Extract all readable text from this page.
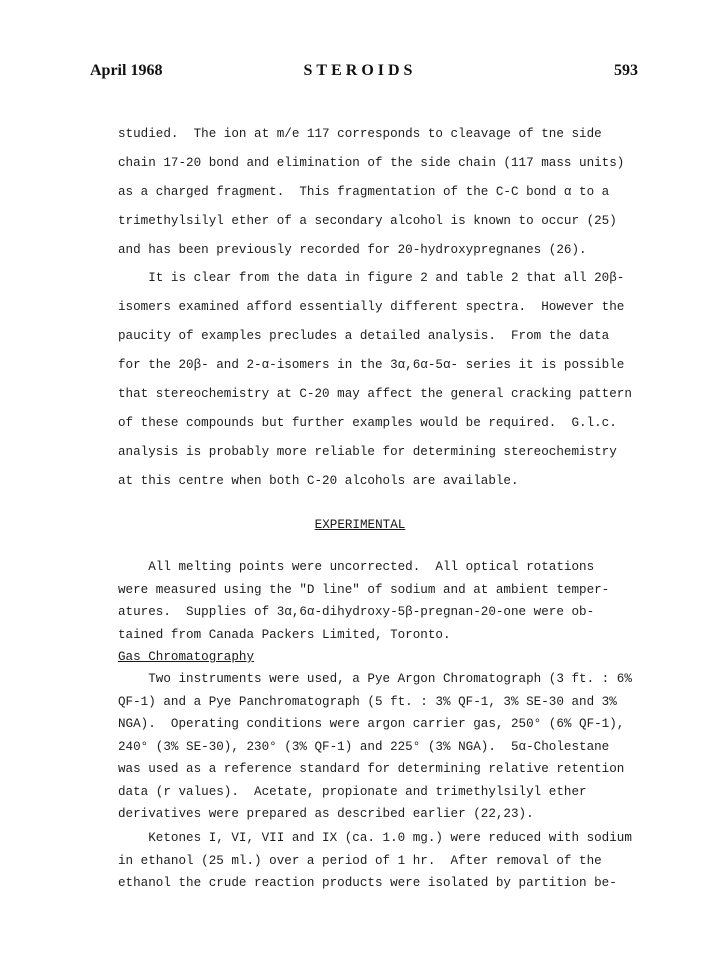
April 1968	STEROIDS	593
studied.  The ion at m/e 117 corresponds to cleavage of tne side
chain 17-20 bond and elimination of the side chain (117 mass units)
as a charged fragment.  This fragmentation of the C-C bond α to a
trimethylsilyl ether of a secondary alcohol is known to occur (25)
and has been previously recorded for 20-hydroxypregnanes (26).
It is clear from the data in figure 2 and table 2 that all 20β-
isomers examined afford essentially different spectra.  However the
paucity of examples precludes a detailed analysis.  From the data
for the 20β- and 2-α-isomers in the 3α,6α-5α- series it is possible
that stereochemistry at C-20 may affect the general cracking pattern
of these compounds but further examples would be required.  G.l.c.
analysis is probably more reliable for determining stereochemistry
at this centre when both C-20 alcohols are available.
EXPERIMENTAL
All melting points were uncorrected.  All optical rotations
were measured using the "D line" of sodium and at ambient temper-
atures.  Supplies of 3α,6α-dihydroxy-5β-pregnan-20-one were ob-
tained from Canada Packers Limited, Toronto.
Gas Chromatography
Two instruments were used, a Pye Argon Chromatograph (3 ft. : 6%
QF-1) and a Pye Panchromatograph (5 ft. : 3% QF-1, 3% SE-30 and 3%
NGA).  Operating conditions were argon carrier gas, 250° (6% QF-1),
240° (3% SE-30), 230° (3% QF-1) and 225° (3% NGA).  5α-Cholestane
was used as a reference standard for determining relative retention
data (r values).  Acetate, propionate and trimethylsilyl ether
derivatives were prepared as described earlier (22,23).
Ketones I, VI, VII and IX (ca. 1.0 mg.) were reduced with sodium
in ethanol (25 ml.) over a period of 1 hr.  After removal of the
ethanol the crude reaction products were isolated by partition be-
